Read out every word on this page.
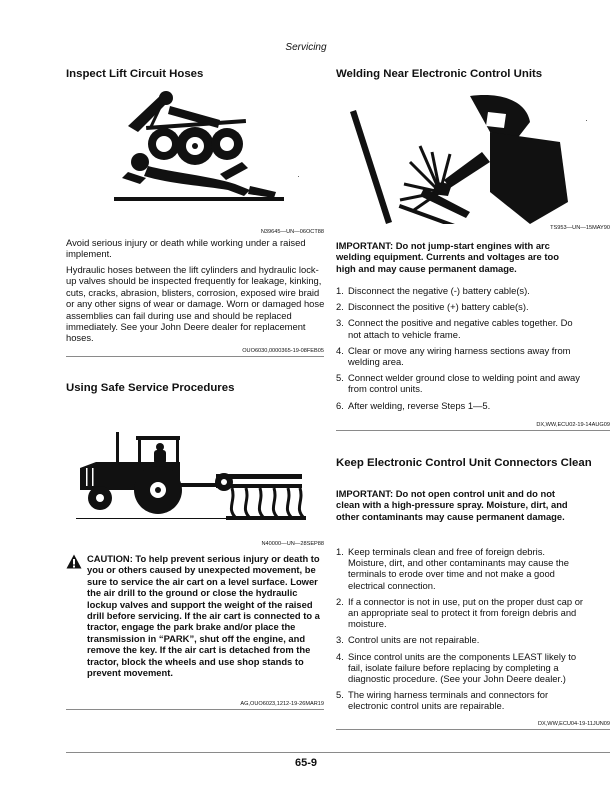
Servicing
Inspect Lift Circuit Hoses
N39645—UN—06OCT88
Avoid serious injury or death while working under a raised implement.
Hydraulic hoses between the lift cylinders and hydraulic lock-up valves should be inspected frequently for leakage, kinking, cuts, cracks, abrasion, blisters, corrosion, exposed wire braid or any other signs of wear or damage. Worn or damaged hose assemblies can fail during use and should be replaced immediately. See your John Deere dealer for replacement hoses.
OUO6030,0000365-19-08FEB05
Using Safe Service Procedures
N40000—UN—28SEP88
CAUTION: To help prevent serious injury or death to you or others caused by unexpected movement, be sure to service the air cart on a level surface. Lower the air drill to the ground or close the hydraulic lockup valves and support the weight of the raised drill before servicing. If the air cart is connected to a tractor, engage the park brake and/or place the transmission in “PARK”, shut off the engine, and remove the key. If the air cart is detached from the tractor, block the wheels and use shop stands to prevent movement.
AG,OUO6023,1212-19-26MAR19
Welding Near Electronic Control Units
TS953—UN—15MAY90
IMPORTANT: Do not jump-start engines with arc welding equipment. Currents and voltages are too high and may cause permanent damage.
1. Disconnect the negative (-) battery cable(s).
2. Disconnect the positive (+) battery cable(s).
3. Connect the positive and negative cables together. Do not attach to vehicle frame.
4. Clear or move any wiring harness sections away from welding area.
5. Connect welder ground close to welding point and away from control units.
6. After welding, reverse Steps 1—5.
DX,WW,ECU02-19-14AUG09
Keep Electronic Control Unit Connectors Clean
IMPORTANT: Do not open control unit and do not clean with a high-pressure spray. Moisture, dirt, and other contaminants may cause permanent damage.
1. Keep terminals clean and free of foreign debris. Moisture, dirt, and other contaminants may cause the terminals to erode over time and not make a good electrical connection.
2. If a connector is not in use, put on the proper dust cap or an appropriate seal to protect it from foreign debris and moisture.
3. Control units are not repairable.
4. Since control units are the components LEAST likely to fail, isolate failure before replacing by completing a diagnostic procedure. (See your John Deere dealer.)
5. The wiring harness terminals and connectors for electronic control units are repairable.
DX,WW,ECU04-19-11JUN09
65-9
